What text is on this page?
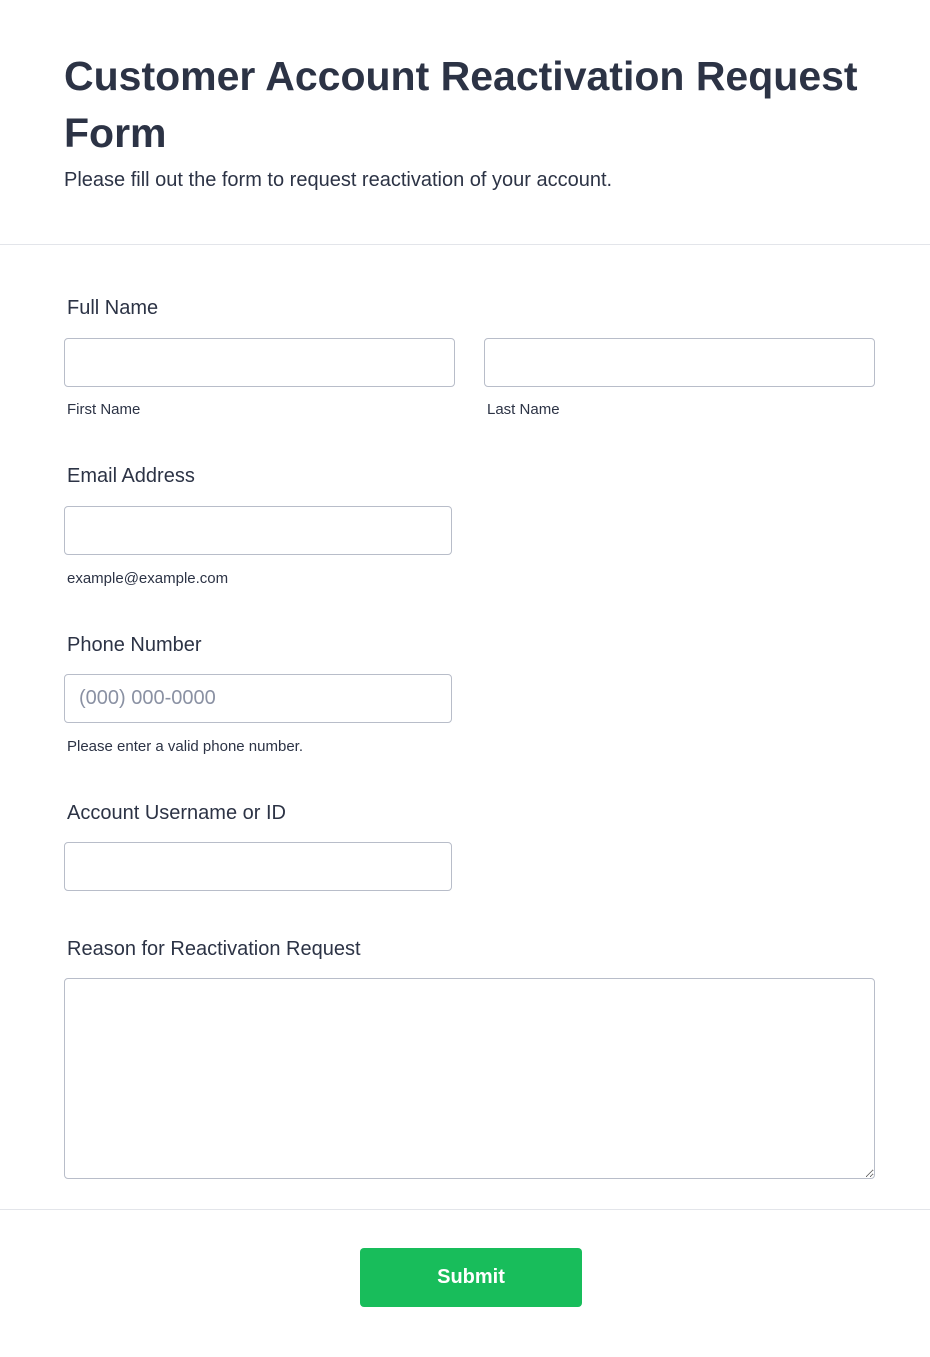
Customer Account Reactivation Request Form

Please fill out the form to request reactivation of your account.

Full Name
First Name	Last Name
Email Address
example@example.com
Phone Number
(000) 000-0000
Please enter a valid phone number.
Account Username or ID
Reason for Reactivation Request
Submit
